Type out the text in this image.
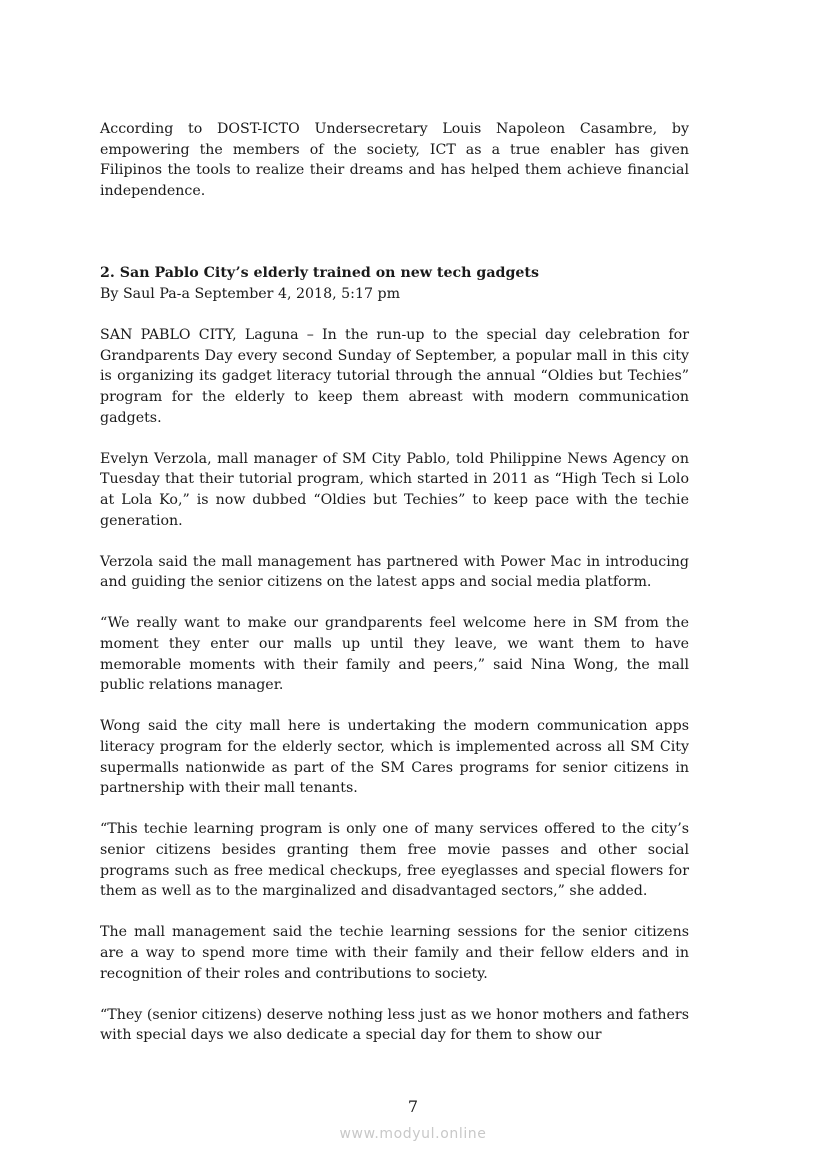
According to DOST-ICTO Undersecretary Louis Napoleon Casambre, by empowering the members of the society, ICT as a true enabler has given Filipinos the tools to realize their dreams and has helped them achieve financial independence.

2. San Pablo City’s elderly trained on new tech gadgets

By Saul Pa-a September 4, 2018, 5:17 pm

SAN PABLO CITY, Laguna – In the run-up to the special day celebration for Grandparents Day every second Sunday of September, a popular mall in this city is organizing its gadget literacy tutorial through the annual “Oldies but Techies” program for the elderly to keep them abreast with modern communication gadgets.

Evelyn Verzola, mall manager of SM City Pablo, told Philippine News Agency on Tuesday that their tutorial program, which started in 2011 as “High Tech si Lolo at Lola Ko,” is now dubbed “Oldies but Techies” to keep pace with the techie generation.

Verzola said the mall management has partnered with Power Mac in introducing and guiding the senior citizens on the latest apps and social media platform.

“We really want to make our grandparents feel welcome here in SM from the moment they enter our malls up until they leave, we want them to have memorable moments with their family and peers,” said Nina Wong, the mall public relations manager.

Wong said the city mall here is undertaking the modern communication apps literacy program for the elderly sector, which is implemented across all SM City supermalls nationwide as part of the SM Cares programs for senior citizens in partnership with their mall tenants.

“This techie learning program is only one of many services offered to the city’s senior citizens besides granting them free movie passes and other social programs such as free medical checkups, free eyeglasses and special flowers for them as well as to the marginalized and disadvantaged sectors,” she added.

The mall management said the techie learning sessions for the senior citizens are a way to spend more time with their family and their fellow elders and in recognition of their roles and contributions to society.

“They (senior citizens) deserve nothing less just as we honor mothers and fathers with special days we also dedicate a special day for them to show our

7
www.modyul.online
